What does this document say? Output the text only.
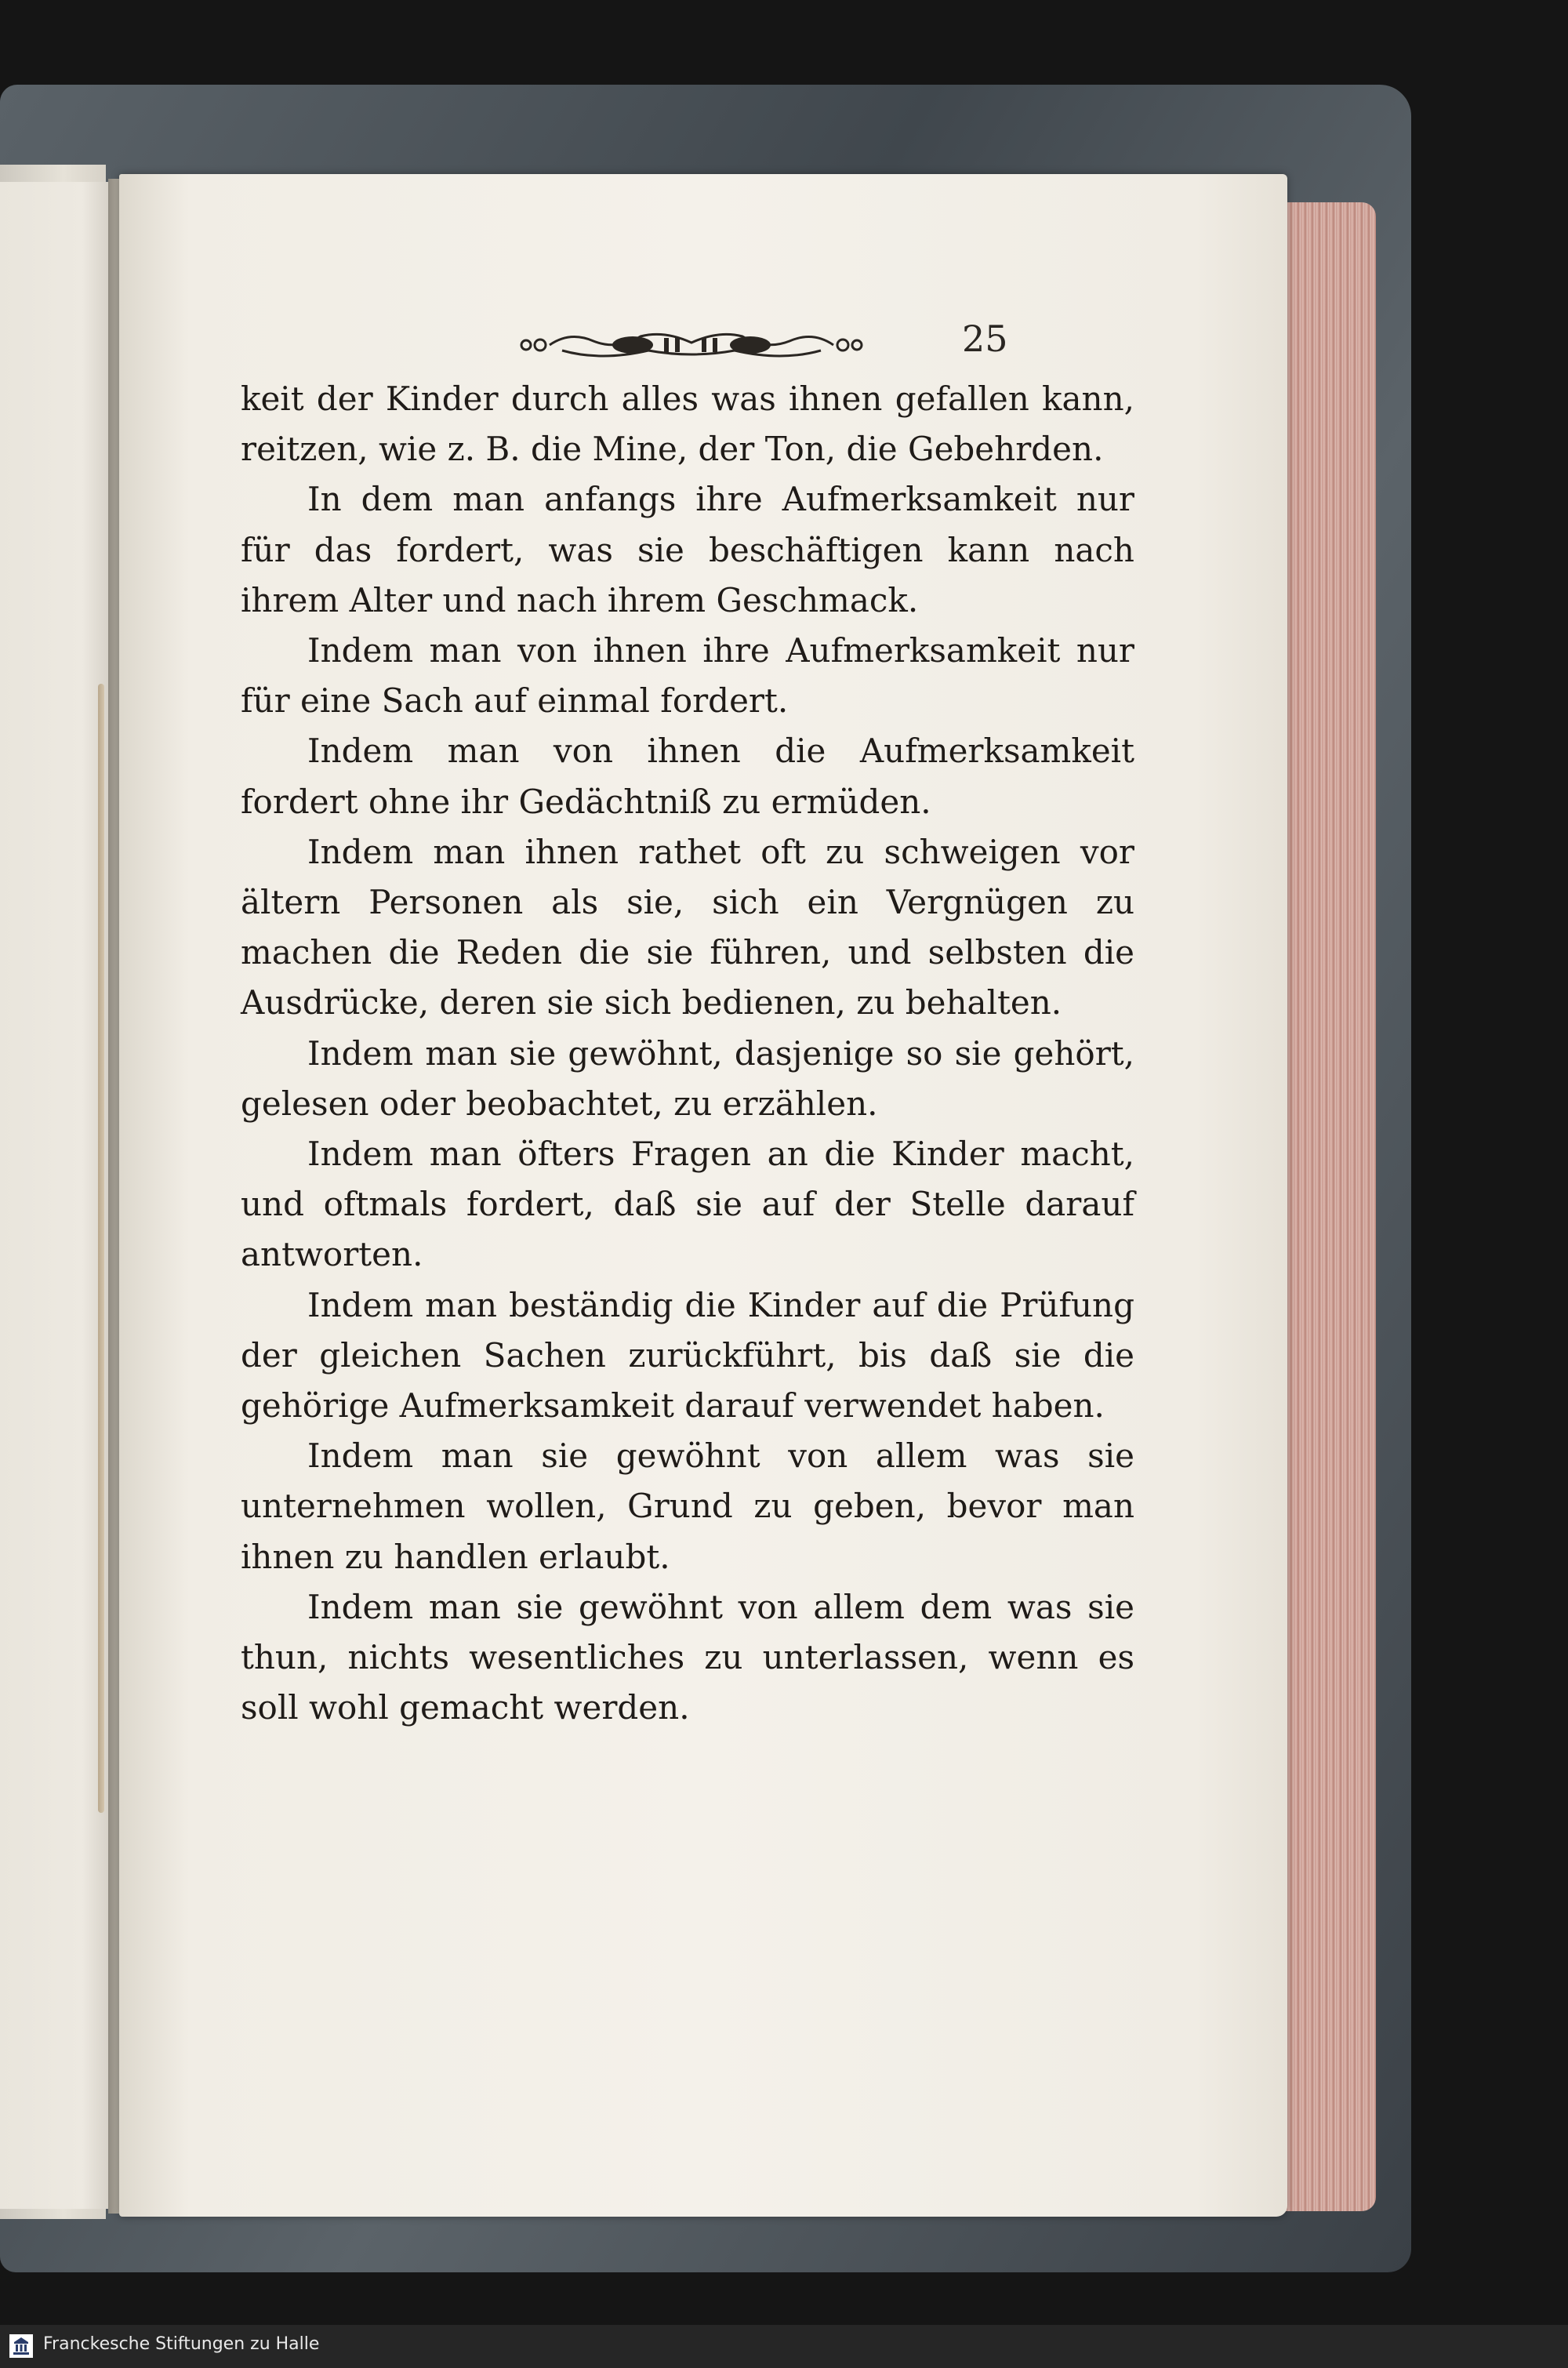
25

keit der Kinder durch alles was ihnen gefallen kann, reitzen, wie z. B. die Mine, der Ton, die Gebehrden.

In dem man anfangs ihre Aufmerksamkeit nur für das fordert, was sie beschäftigen kann nach ihrem Alter und nach ihrem Geschmack.

Indem man von ihnen ihre Aufmerksamkeit nur für eine Sach auf einmal fordert.

Indem man von ihnen die Aufmerksamkeit fordert ohne ihr Gedächtniß zu ermüden.

Indem man ihnen rathet oft zu schweigen vor ältern Personen als sie, sich ein Vergnügen zu machen die Reden die sie führen, und selbsten die Ausdrücke, deren sie sich bedienen, zu behalten.

Indem man sie gewöhnt, dasjenige so sie gehört, gelesen oder beobachtet, zu erzählen.

Indem man öfters Fragen an die Kinder macht, und oftmals fordert, daß sie auf der Stelle darauf antworten.

Indem man beständig die Kinder auf die Prüfung der gleichen Sachen zurückführt, bis daß sie die gehörige Aufmerksamkeit darauf verwendet haben.

Indem man sie gewöhnt von allem was sie unternehmen wollen, Grund zu geben, bevor man ihnen zu handlen erlaubt.

Indem man sie gewöhnt von allem dem was sie thun, nichts wesentliches zu unterlassen, wenn es soll wohl gemacht werden.

Franckesche Stiftungen zu Halle
